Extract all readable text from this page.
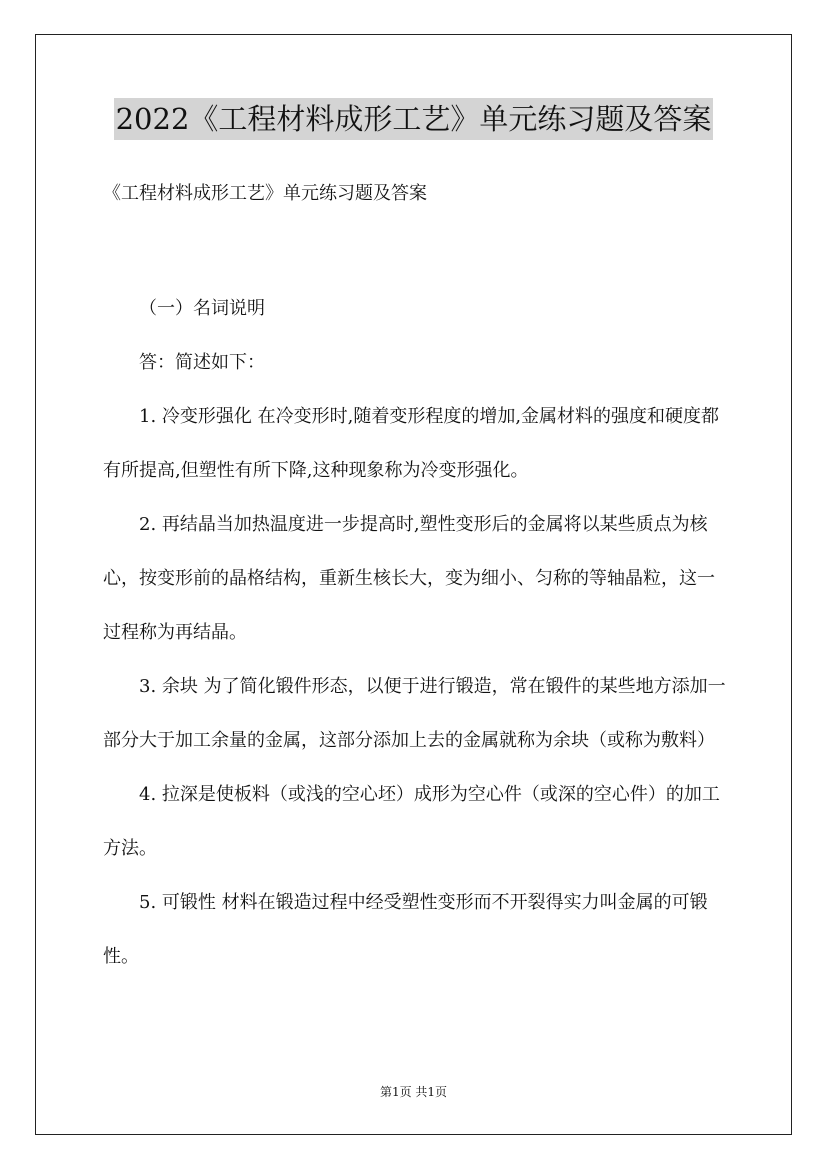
2022《工程材料成形工艺》单元练习题及答案
《工程材料成形工艺》单元练习题及答案

（一）名词说明

答：简述如下：

1. 冷变形强化 在冷变形时,随着变形程度的增加,金属材料的强度和硬度都有所提高,但塑性有所下降,这种现象称为冷变形强化。

2. 再结晶当加热温度进一步提高时,塑性变形后的金属将以某些质点为核心，按变形前的晶格结构，重新生核长大，变为细小、匀称的等轴晶粒，这一过程称为再结晶。

3. 余块 为了简化锻件形态，以便于进行锻造，常在锻件的某些地方添加一部分大于加工余量的金属，这部分添加上去的金属就称为余块（或称为敷料）

4. 拉深是使板料（或浅的空心坯）成形为空心件（或深的空心件）的加工方法。

5. 可锻性 材料在锻造过程中经受塑性变形而不开裂得实力叫金属的可锻性。

第1页 共1页
